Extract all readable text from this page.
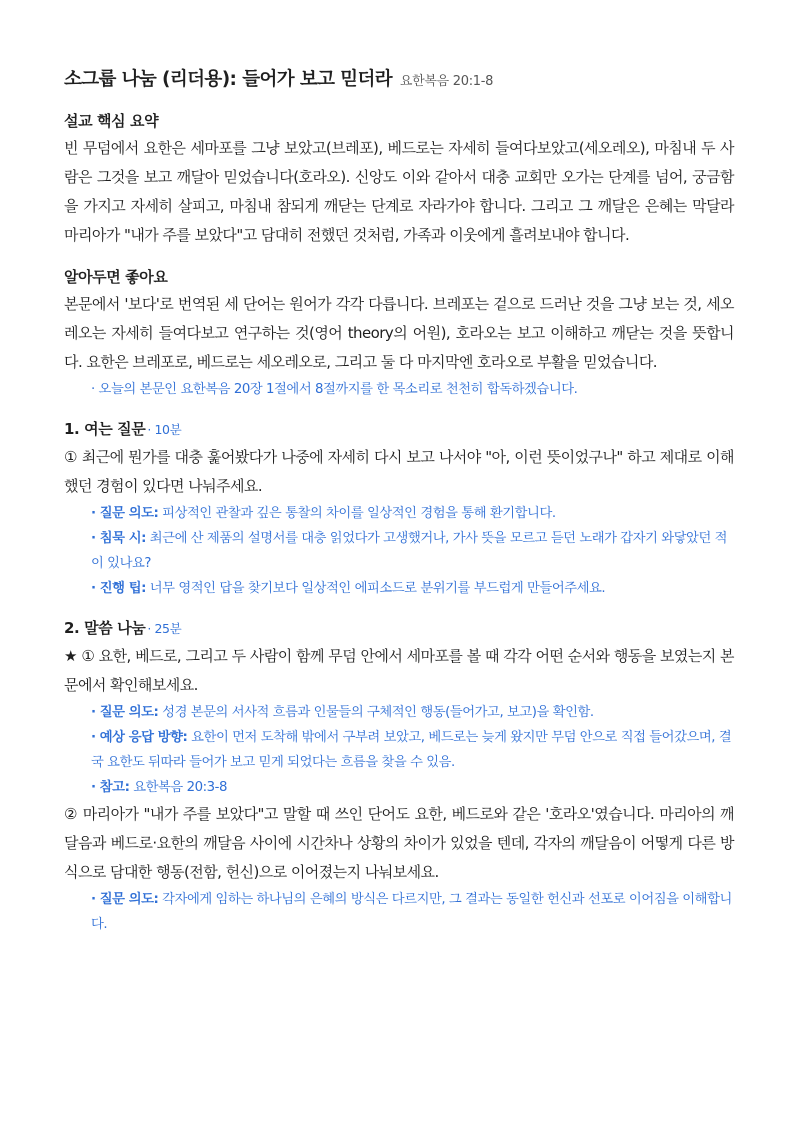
소그룹 나눔 (리더용): 들어가 보고 믿더라 요한복음 20:1-8
설교 핵심 요약

빈 무덤에서 요한은 세마포를 그냥 보았고(브레포), 베드로는 자세히 들여다보았고(세오레오), 마침내 두 사람은 그것을 보고 깨달아 믿었습니다(호라오). 신앙도 이와 같아서 대충 교회만 오가는 단계를 넘어, 궁금함을 가지고 자세히 살피고, 마침내 참되게 깨닫는 단계로 자라가야 합니다. 그리고 그 깨달은 은혜는 막달라 마리아가 "내가 주를 보았다"고 담대히 전했던 것처럼, 가족과 이웃에게 흘려보내야 합니다.

알아두면 좋아요

본문에서 '보다'로 번역된 세 단어는 원어가 각각 다릅니다. 브레포는 겉으로 드러난 것을 그냥 보는 것, 세오레오는 자세히 들여다보고 연구하는 것(영어 theory의 어원), 호라오는 보고 이해하고 깨닫는 것을 뜻합니다. 요한은 브레포로, 베드로는 세오레오로, 그리고 둘 다 마지막엔 호라오로 부활을 믿었습니다.

· 오늘의 본문인 요한복음 20장 1절에서 8절까지를 한 목소리로 천천히 합독하겠습니다.
1. 여는 질문 · 10분

① 최근에 뭔가를 대충 훑어봤다가 나중에 자세히 다시 보고 나서야 "아, 이런 뜻이었구나" 하고 제대로 이해했던 경험이 있다면 나눠주세요.

· 질문 의도: 피상적인 관찰과 깊은 통찰의 차이를 일상적인 경험을 통해 환기합니다.
· 침묵 시: 최근에 산 제품의 설명서를 대충 읽었다가 고생했거나, 가사 뜻을 모르고 듣던 노래가 갑자기 와닿았던 적이 있나요?
· 진행 팁: 너무 영적인 답을 찾기보다 일상적인 에피소드로 분위기를 부드럽게 만들어주세요.
2. 말씀 나눔 · 25분

★ ① 요한, 베드로, 그리고 두 사람이 함께 무덤 안에서 세마포를 볼 때 각각 어떤 순서와 행동을 보였는지 본문에서 확인해보세요.

· 질문 의도: 성경 본문의 서사적 흐름과 인물들의 구체적인 행동(들어가고, 보고)을 확인함.
· 예상 응답 방향: 요한이 먼저 도착해 밖에서 구부려 보았고, 베드로는 늦게 왔지만 무덤 안으로 직접 들어갔으며, 결국 요한도 뒤따라 들어가 보고 믿게 되었다는 흐름을 찾을 수 있음.
· 참고: 요한복음 20:3-8

② 마리아가 "내가 주를 보았다"고 말할 때 쓰인 단어도 요한, 베드로와 같은 '호라오'였습니다. 마리아의 깨달음과 베드로·요한의 깨달음 사이에 시간차나 상황의 차이가 있었을 텐데, 각자의 깨달음이 어떻게 다른 방식으로 담대한 행동(전함, 헌신)으로 이어졌는지 나눠보세요.

· 질문 의도: 각자에게 임하는 하나님의 은혜의 방식은 다르지만, 그 결과는 동일한 헌신과 선포로 이어짐을 이해합니다.
